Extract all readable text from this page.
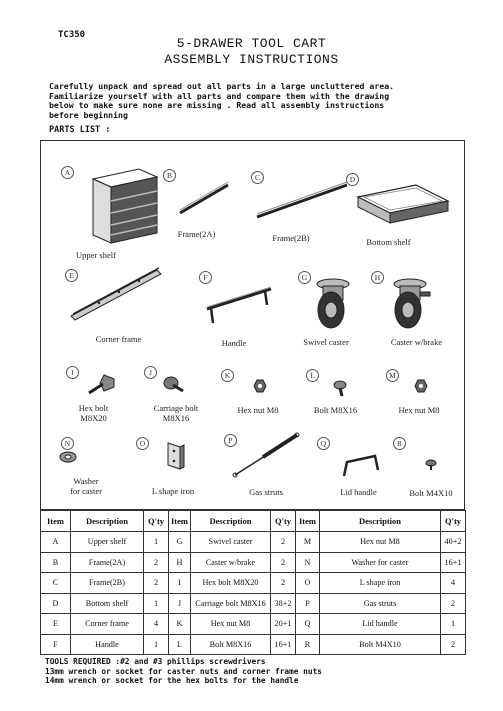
TC350
5-DRAWER TOOL CART
ASSEMBLY INSTRUCTIONS
Carefully unpack and spread out all parts in a large uncluttered area.
Familiarize yourself with all parts and compare them with the drawing
below to make sure none are missing . Read all assembly instructions
before beginning
PARTS LIST :
A
Upper shelf
B
Frame(2A)
C
Frame(2B)
D
Bottom shelf
E
Corner frame
F
Handle
G
Swivel caster
H
Caster w/brake
I
Hex bolt
M8X20
J
Carriage bolt
M8X16
K
Hex nut M8
L
Bolt M8X16
M
Hex nut M8
N
Washer
for caster
O
L shape iron
P
Gas struts
Q
Lid handle
R
Bolt M4X10
Item	Description	Q'ty	Item	Description	Q'ty	Item	Description	Q'ty
A	Upper shelf	1	G	Swivel caster	2	M	Hex nut M8	40+2
B	Frame(2A)	2	H	Caster w/brake	2	N	Washer for caster	16+1
C	Frame(2B)	2	I	Hex bolt M8X20	2	O	L shape iron	4
D	Bottom shelf	1	J	Carriage bolt M8X16	38+2	P	Gas struts	2
E	Corner frame	4	K	Hex nut M8	20+1	Q	Lid handle	1
F	Handle	1	L	Bolt M8X16	16+1	R	Bolt M4X10	2
TOOLS REQUIRED :#2 and #3 phillips screwdrivers
13mm wrench or socket for caster nuts and corner frame nuts
14mm wrench or socket for the hex bolts for the handle
